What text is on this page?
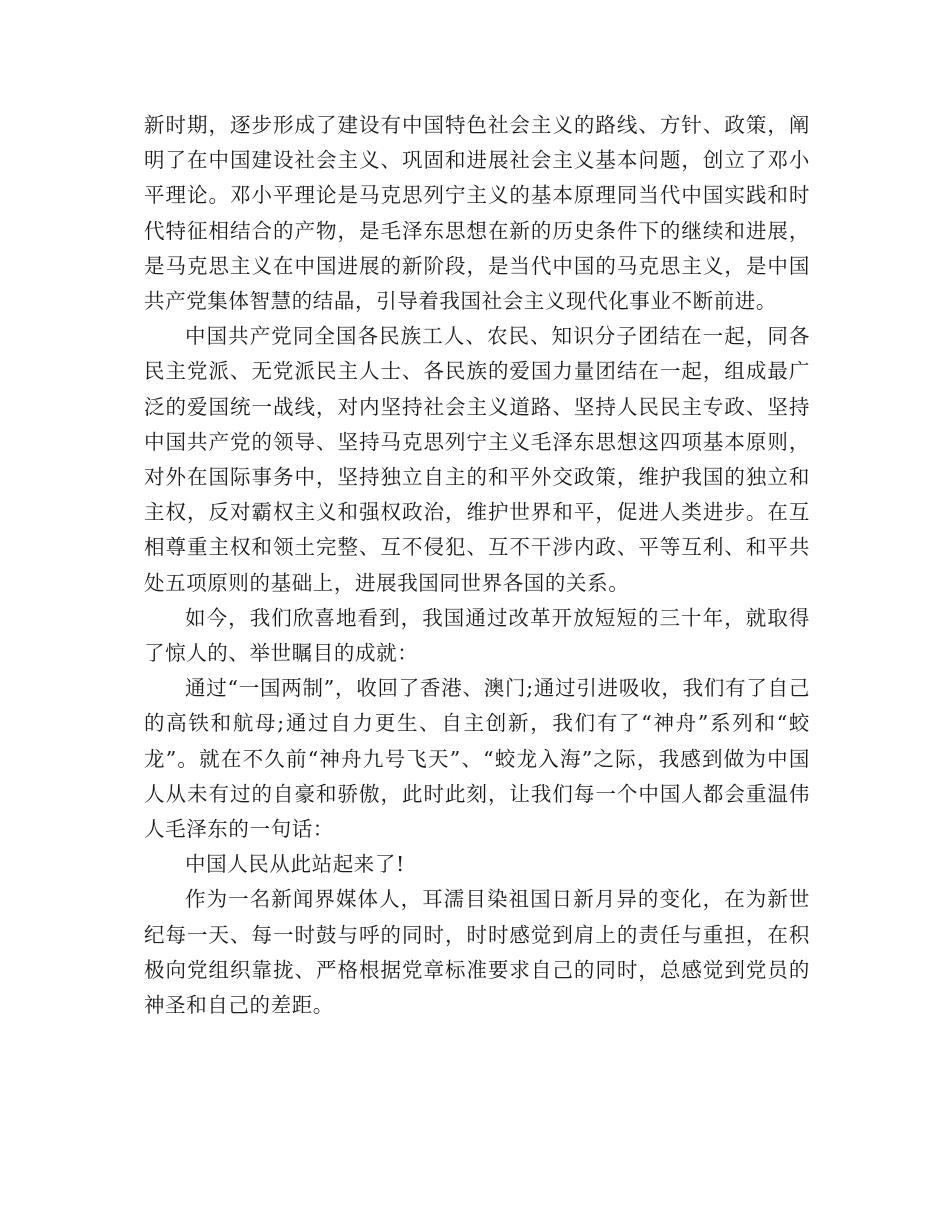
新时期，逐步形成了建设有中国特色社会主义的路线、方针、政策，阐明了在中国建设社会主义、巩固和进展社会主义基本问题，创立了邓小平理论。邓小平理论是马克思列宁主义的基本原理同当代中国实践和时代特征相结合的产物，是毛泽东思想在新的历史条件下的继续和进展，是马克思主义在中国进展的新阶段，是当代中国的马克思主义，是中国共产党集体智慧的结晶，引导着我国社会主义现代化事业不断前进。

中国共产党同全国各民族工人、农民、知识分子团结在一起，同各民主党派、无党派民主人士、各民族的爱国力量团结在一起，组成最广泛的爱国统一战线，对内坚持社会主义道路、坚持人民民主专政、坚持中国共产党的领导、坚持马克思列宁主义毛泽东思想这四项基本原则，对外在国际事务中，坚持独立自主的和平外交政策，维护我国的独立和主权，反对霸权主义和强权政治，维护世界和平，促进人类进步。在互相尊重主权和领土完整、互不侵犯、互不干涉内政、平等互利、和平共处五项原则的基础上，进展我国同世界各国的关系。

如今，我们欣喜地看到，我国通过改革开放短短的三十年，就取得了惊人的、举世瞩目的成就：

通过“一国两制”，收回了香港、澳门;通过引进吸收，我们有了自己的高铁和航母;通过自力更生、自主创新，我们有了“神舟”系列和“蛟龙”。就在不久前“神舟九号飞天”、“蛟龙入海”之际，我感到做为中国人从未有过的自豪和骄傲，此时此刻，让我们每一个中国人都会重温伟人毛泽东的一句话：

中国人民从此站起来了!

作为一名新闻界媒体人，耳濡目染祖国日新月异的变化，在为新世纪每一天、每一时鼓与呼的同时，时时感觉到肩上的责任与重担，在积极向党组织靠拢、严格根据党章标准要求自己的同时，总感觉到党员的神圣和自己的差距。
